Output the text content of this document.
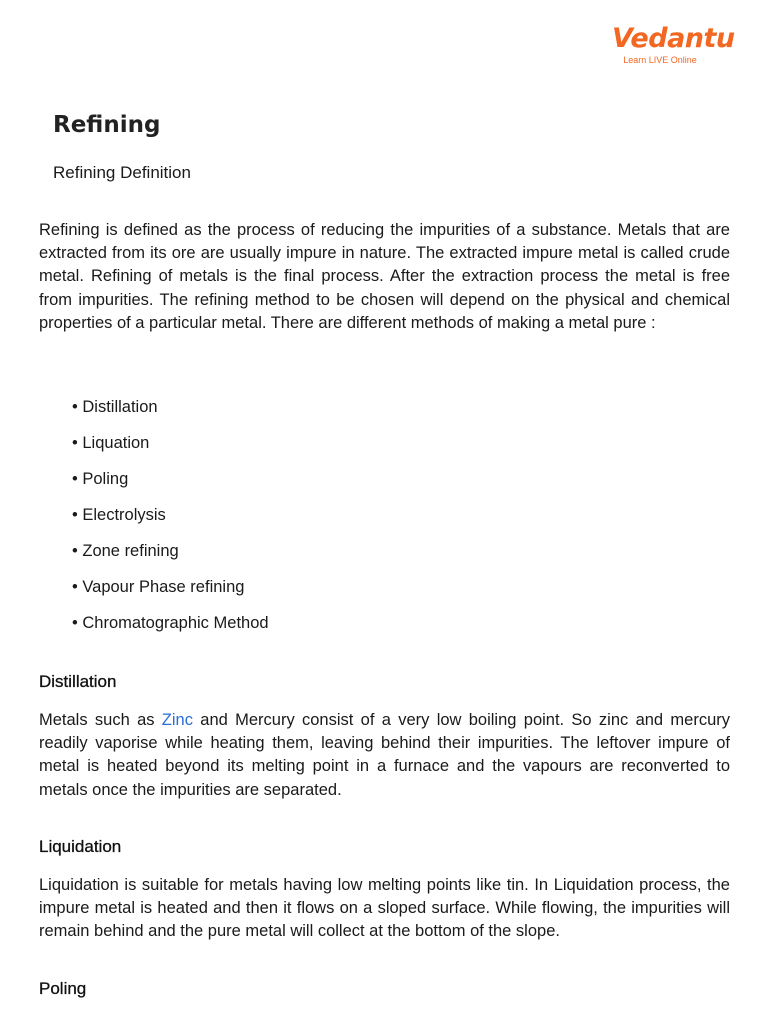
Vedantu
Learn LIVE Online
Refining
Refining Definition

Refining is defined as the process of reducing the impurities of a substance. Metals that are extracted from its ore are usually impure in nature. The extracted impure metal is called crude metal. Refining of metals is the final process. After the extraction process the metal is free from impurities. The refining method to be chosen will depend on the physical and chemical properties of a particular metal. There are different methods of making a metal pure :

• Distillation
• Liquation
• Poling
• Electrolysis
• Zone refining
• Vapour Phase refining
• Chromatographic Method
Distillation

Metals such as Zinc and Mercury consist of a very low boiling point. So zinc and mercury readily vaporise while heating them, leaving behind their impurities. The leftover impure of metal is heated beyond its melting point in a furnace and the vapours are reconverted to metals once the impurities are separated.

Liquidation

Liquidation is suitable for metals having low melting points like tin. In Liquidation process, the impure metal is heated and then it flows on a sloped surface. While flowing, the impurities will remain behind and the pure metal will collect at the bottom of the slope.

Poling
